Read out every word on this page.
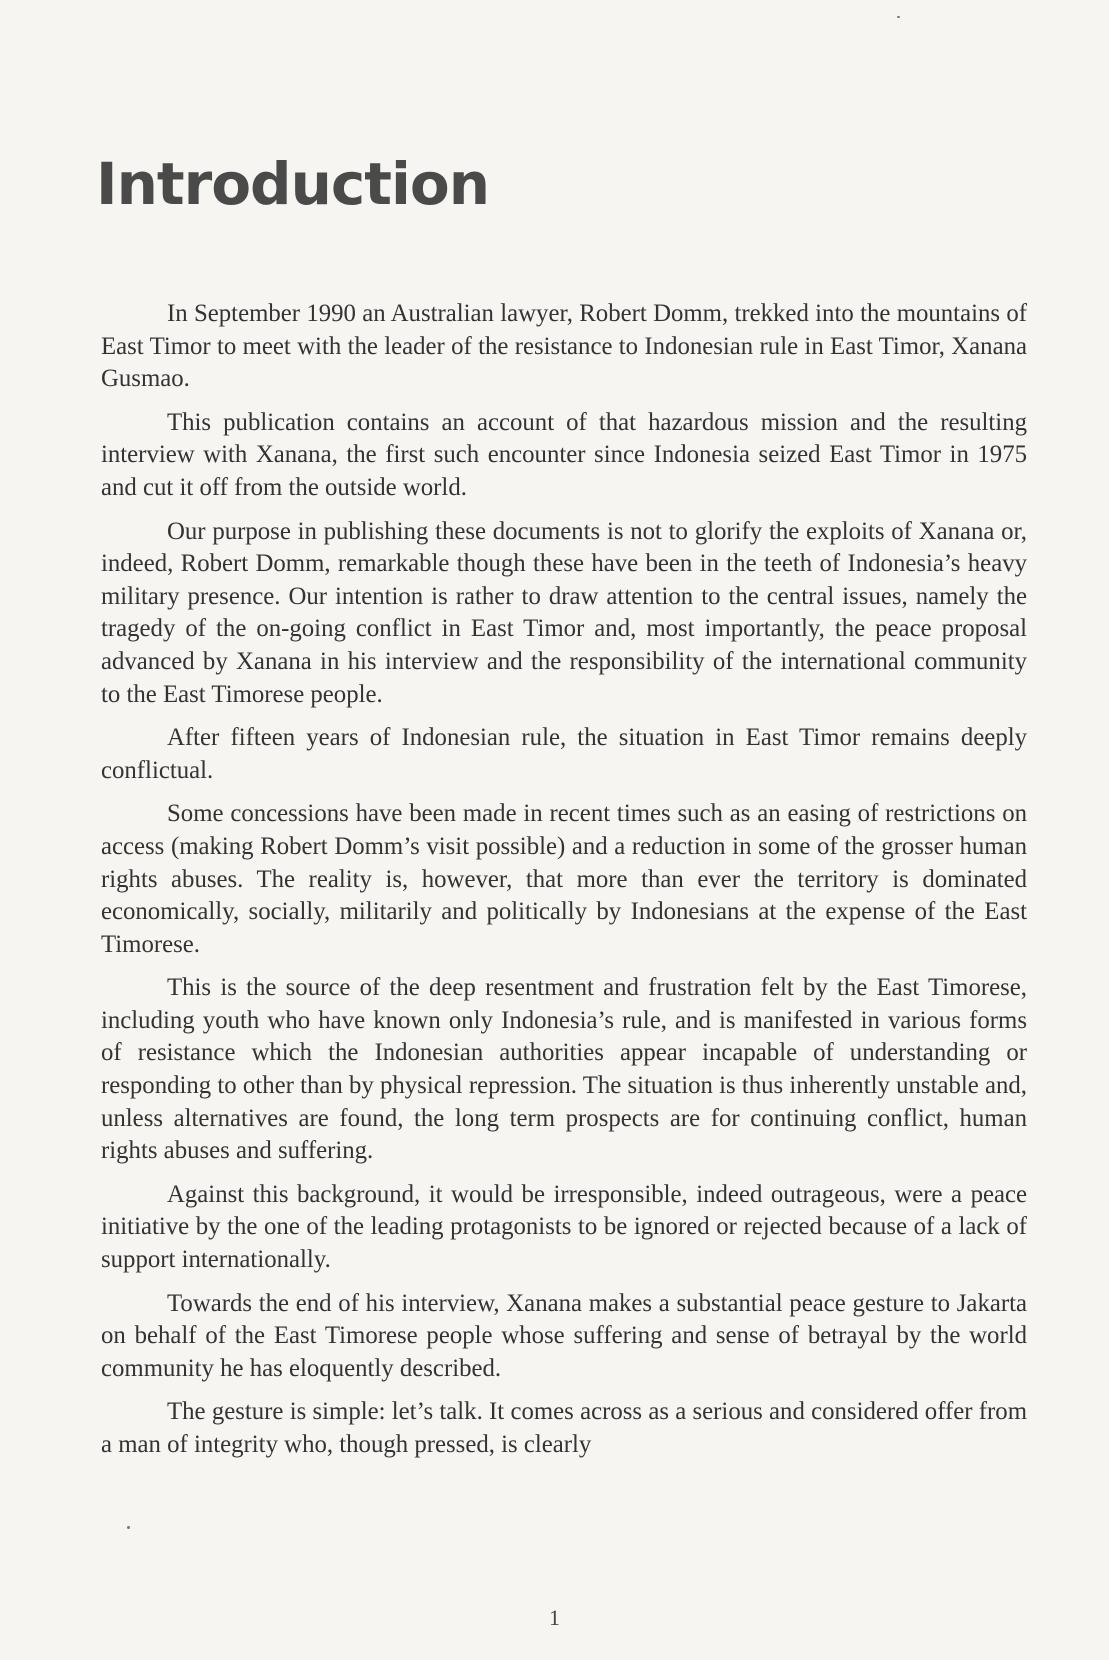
Introduction

In September 1990 an Australian lawyer, Robert Domm, trekked into the mountains of East Timor to meet with the leader of the resistance to Indonesian rule in East Timor, Xanana Gusmao.

This publication contains an account of that hazardous mission and the resulting interview with Xanana, the first such encounter since Indonesia seized East Timor in 1975 and cut it off from the outside world.

Our purpose in publishing these documents is not to glorify the exploits of Xanana or, indeed, Robert Domm, remarkable though these have been in the teeth of Indonesia’s heavy military presence. Our intention is rather to draw attention to the central issues, namely the tragedy of the on-going conflict in East Timor and, most importantly, the peace proposal advanced by Xanana in his interview and the responsibility of the international community to the East Timorese people.

After fifteen years of Indonesian rule, the situation in East Timor remains deeply conflictual.

Some concessions have been made in recent times such as an easing of restrictions on access (making Robert Domm’s visit possible) and a reduction in some of the grosser human rights abuses. The reality is, however, that more than ever the territory is dominated economically, socially, militarily and politically by Indonesians at the expense of the East Timorese.

This is the source of the deep resentment and frustration felt by the East Timorese, including youth who have known only Indonesia’s rule, and is manifested in various forms of resistance which the Indonesian authorities appear incapable of understanding or responding to other than by physical repression. The situation is thus inherently unstable and, unless alternatives are found, the long term prospects are for continuing conflict, human rights abuses and suffering.

Against this background, it would be irresponsible, indeed outrageous, were a peace initiative by the one of the leading protagonists to be ignored or rejected because of a lack of support internationally.

Towards the end of his interview, Xanana makes a substantial peace gesture to Jakarta on behalf of the East Timorese people whose suffering and sense of betrayal by the world community he has eloquently described.

The gesture is simple: let’s talk. It comes across as a serious and considered offer from a man of integrity who, though pressed, is clearly

1
